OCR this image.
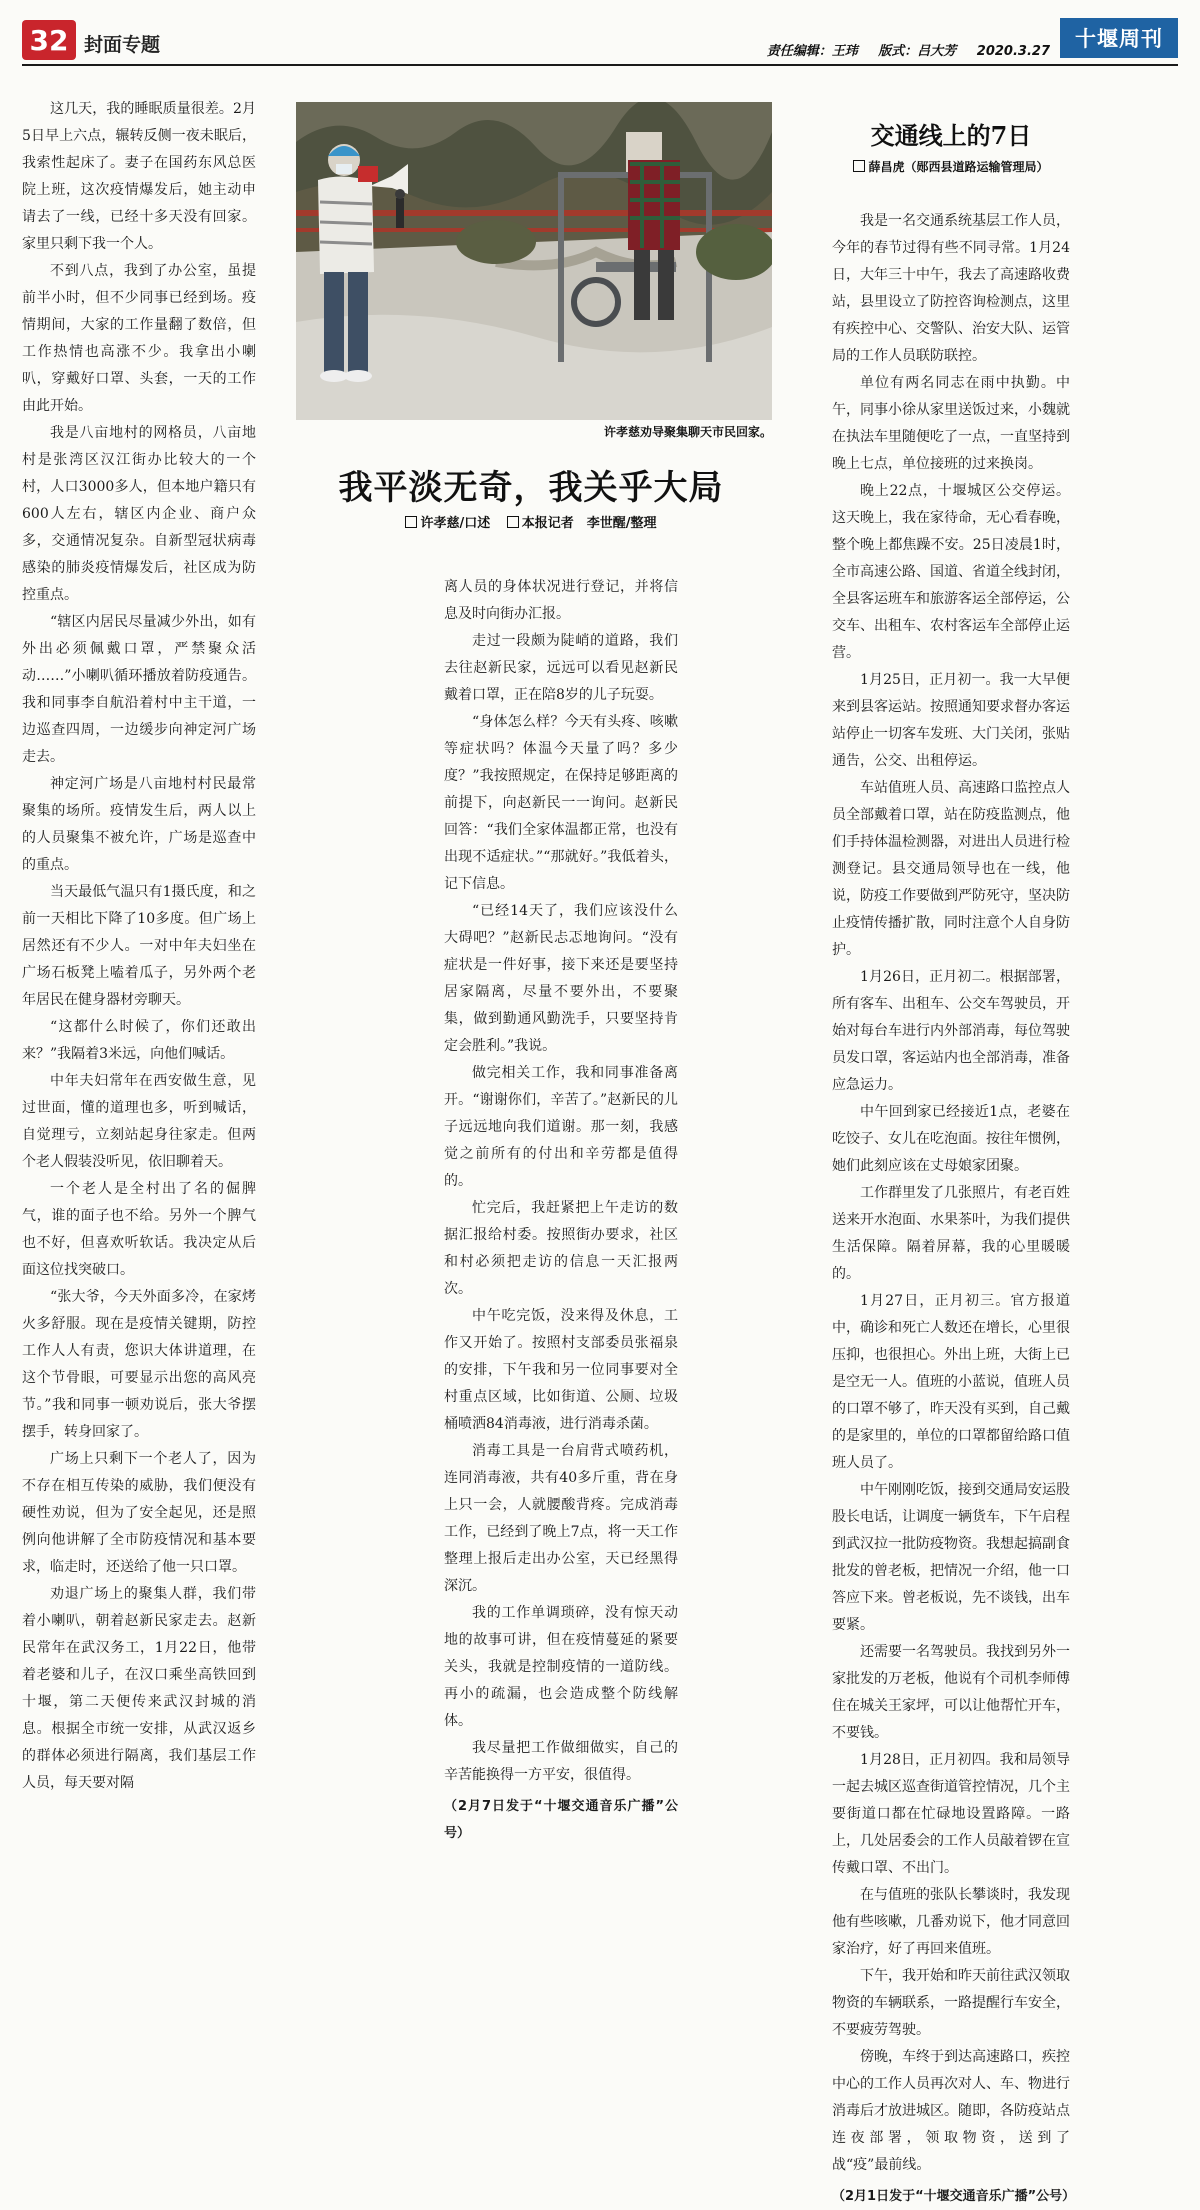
32 封面专题	责任编辑：王玮 版式：吕大芳 2020.3.27
十堰周刊

这几天，我的睡眠质量很差。2月5日早上六点，辗转反侧一夜未眠后，我索性起床了。妻子在国药东风总医院上班，这次疫情爆发后，她主动申请去了一线，已经十多天没有回家。家里只剩下我一个人。

不到八点，我到了办公室，虽提前半小时，但不少同事已经到场。疫情期间，大家的工作量翻了数倍，但工作热情也高涨不少。我拿出小喇叭，穿戴好口罩、头套，一天的工作由此开始。

我是八亩地村的网格员，八亩地村是张湾区汉江街办比较大的一个村，人口3000多人，但本地户籍只有600人左右，辖区内企业、商户众多，交通情况复杂。自新型冠状病毒感染的肺炎疫情爆发后，社区成为防控重点。

“辖区内居民尽量减少外出，如有外出必须佩戴口罩，严禁聚众活动……”小喇叭循环播放着防疫通告。我和同事李自航沿着村中主干道，一边巡查四周，一边缓步向神定河广场走去。

神定河广场是八亩地村村民最常聚集的场所。疫情发生后，两人以上的人员聚集不被允许，广场是巡查中的重点。

当天最低气温只有1摄氏度，和之前一天相比下降了10多度。但广场上居然还有不少人。一对中年夫妇坐在广场石板凳上嗑着瓜子，另外两个老年居民在健身器材旁聊天。

“这都什么时候了，你们还敢出来？”我隔着3米远，向他们喊话。

中年夫妇常年在西安做生意，见过世面，懂的道理也多，听到喊话，自觉理亏，立刻站起身往家走。但两个老人假装没听见，依旧聊着天。

一个老人是全村出了名的倔脾气，谁的面子也不给。另外一个脾气也不好，但喜欢听软话。我决定从后面这位找突破口。

“张大爷，今天外面多冷，在家烤火多舒服。现在是疫情关键期，防控工作人人有责，您识大体讲道理，在这个节骨眼，可要显示出您的高风亮节。”我和同事一顿劝说后，张大爷摆摆手，转身回家了。

广场上只剩下一个老人了，因为不存在相互传染的威胁，我们便没有硬性劝说，但为了安全起见，还是照例向他讲解了全市防疫情况和基本要求，临走时，还送给了他一只口罩。

劝退广场上的聚集人群，我们带着小喇叭，朝着赵新民家走去。赵新民常年在武汉务工，1月22日，他带着老婆和儿子，在汉口乘坐高铁回到十堰，第二天便传来武汉封城的消息。根据全市统一安排，从武汉返乡的群体必须进行隔离，我们基层工作人员，每天要对隔

许孝慈劝导聚集聊天市民回家。
我平淡无奇，我关乎大局
许孝慈/口述 本报记者　李世醒/整理

离人员的身体状况进行登记，并将信息及时向街办汇报。

走过一段颇为陡峭的道路，我们去往赵新民家，远远可以看见赵新民戴着口罩，正在陪8岁的儿子玩耍。

“身体怎么样？今天有头疼、咳嗽等症状吗？体温今天量了吗？多少度？”我按照规定，在保持足够距离的前提下，向赵新民一一询问。赵新民回答：“我们全家体温都正常，也没有出现不适症状。”“那就好。”我低着头，记下信息。

“已经14天了，我们应该没什么大碍吧？”赵新民忐忑地询问。“没有症状是一件好事，接下来还是要坚持居家隔离，尽量不要外出，不要聚集，做到勤通风勤洗手，只要坚持肯定会胜利。”我说。

做完相关工作，我和同事准备离开。“谢谢你们，辛苦了。”赵新民的儿子远远地向我们道谢。那一刻，我感觉之前所有的付出和辛劳都是值得的。

忙完后，我赶紧把上午走访的数据汇报给村委。按照街办要求，社区和村必须把走访的信息一天汇报两次。

中午吃完饭，没来得及休息，工作又开始了。按照村支部委员张福泉的安排，下午我和另一位同事要对全村重点区域，比如街道、公厕、垃圾桶喷洒84消毒液，进行消毒杀菌。

消毒工具是一台肩背式喷药机，连同消毒液，共有40多斤重，背在身上只一会，人就腰酸背疼。完成消毒工作，已经到了晚上7点，将一天工作整理上报后走出办公室，天已经黑得深沉。

我的工作单调琐碎，没有惊天动地的故事可讲，但在疫情蔓延的紧要关头，我就是控制疫情的一道防线。再小的疏漏，也会造成整个防线解体。

我尽量把工作做细做实，自己的辛苦能换得一方平安，很值得。

（2月7日发于“十堰交通音乐广播”公号）

交通线上的7日
薛昌虎（郧西县道路运输管理局）

我是一名交通系统基层工作人员，今年的春节过得有些不同寻常。1月24日，大年三十中午，我去了高速路收费站，县里设立了防控咨询检测点，这里有疾控中心、交警队、治安大队、运管局的工作人员联防联控。

单位有两名同志在雨中执勤。中午，同事小徐从家里送饭过来，小魏就在执法车里随便吃了一点，一直坚持到晚上七点，单位接班的过来换岗。

晚上22点，十堰城区公交停运。这天晚上，我在家待命，无心看春晚，整个晚上都焦躁不安。25日凌晨1时，全市高速公路、国道、省道全线封闭，全县客运班车和旅游客运全部停运，公交车、出租车、农村客运车全部停止运营。

1月25日，正月初一。我一大早便来到县客运站。按照通知要求督办客运站停止一切客车发班、大门关闭，张贴通告，公交、出租停运。

车站值班人员、高速路口监控点人员全部戴着口罩，站在防疫监测点，他们手持体温检测器，对进出人员进行检测登记。县交通局领导也在一线，他说，防疫工作要做到严防死守，坚决防止疫情传播扩散，同时注意个人自身防护。

1月26日，正月初二。根据部署，所有客车、出租车、公交车驾驶员，开始对每台车进行内外部消毒，每位驾驶员发口罩，客运站内也全部消毒，准备应急运力。

中午回到家已经接近1点，老婆在吃饺子、女儿在吃泡面。按往年惯例，她们此刻应该在丈母娘家团聚。

工作群里发了几张照片，有老百姓送来开水泡面、水果茶叶，为我们提供生活保障。隔着屏幕，我的心里暖暖的。

1月27日，正月初三。官方报道中，确诊和死亡人数还在增长，心里很压抑，也很担心。外出上班，大街上已是空无一人。值班的小蓝说，值班人员的口罩不够了，昨天没有买到，自己戴的是家里的，单位的口罩都留给路口值班人员了。

中午刚刚吃饭，接到交通局安运股股长电话，让调度一辆货车，下午启程到武汉拉一批防疫物资。我想起搞副食批发的曾老板，把情况一介绍，他一口答应下来。曾老板说，先不谈钱，出车要紧。

还需要一名驾驶员。我找到另外一家批发的万老板，他说有个司机李师傅住在城关王家坪，可以让他帮忙开车，不要钱。

1月28日，正月初四。我和局领导一起去城区巡查街道管控情况，几个主要街道口都在忙碌地设置路障。一路上，几处居委会的工作人员敲着锣在宣传戴口罩、不出门。

在与值班的张队长攀谈时，我发现他有些咳嗽，几番劝说下，他才同意回家治疗，好了再回来值班。

下午，我开始和昨天前往武汉领取物资的车辆联系，一路提醒行车安全，不要疲劳驾驶。

傍晚，车终于到达高速路口，疾控中心的工作人员再次对人、车、物进行消毒后才放进城区。随即，各防疫站点连夜部署，领取物资，送到了战“疫”最前线。

（2月1日发于“十堰交通音乐广播”公号）
